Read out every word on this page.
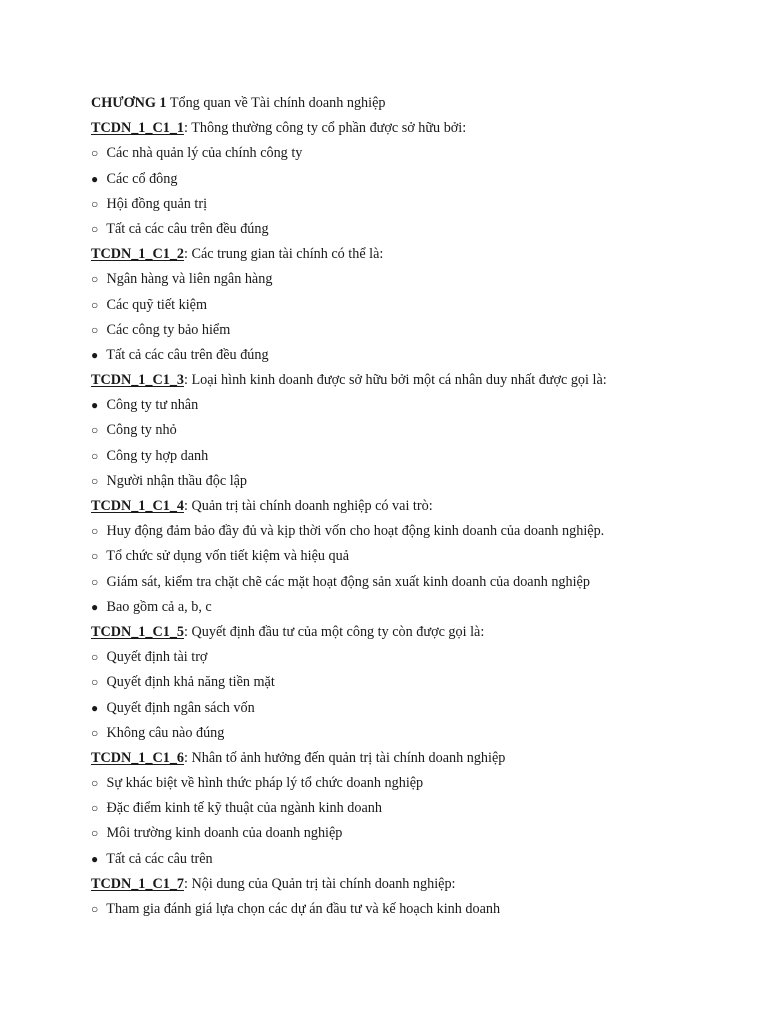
CHƯƠNG 1 Tổng quan về Tài chính doanh nghiệp
TCDN_1_C1_1: Thông thường công ty cổ phần được sở hữu bởi:
○ Các nhà quản lý của chính công ty
● Các cổ đông
○ Hội đồng quản trị
○ Tất cả các câu trên đều đúng
TCDN_1_C1_2: Các trung gian tài chính có thể là:
○ Ngân hàng và liên ngân hàng
○ Các quỹ tiết kiệm
○ Các công ty bảo hiểm
● Tất cả các câu trên đều đúng
TCDN_1_C1_3: Loại hình kinh doanh được sở hữu bởi một cá nhân duy nhất được gọi là:
● Công ty tư nhân
○ Công ty nhỏ
○ Công ty hợp danh
○ Người nhận thầu độc lập
TCDN_1_C1_4: Quản trị tài chính doanh nghiệp có vai trò:
○ Huy động đảm bảo đầy đủ và kịp thời vốn cho hoạt động kinh doanh của doanh nghiệp.
○ Tổ chức sử dụng vốn tiết kiệm và hiệu quả
○ Giám sát, kiểm tra chặt chẽ các mặt hoạt động sản xuất kinh doanh của doanh nghiệp
● Bao gồm cả a, b, c
TCDN_1_C1_5: Quyết định đầu tư của một công ty còn được gọi là:
○ Quyết định tài trợ
○ Quyết định khả năng tiền mặt
● Quyết định ngân sách vốn
○ Không câu nào đúng
TCDN_1_C1_6: Nhân tố ảnh hưởng đến quản trị tài chính doanh nghiệp
○ Sự khác biệt về hình thức pháp lý tổ chức doanh nghiệp
○ Đặc điểm kinh tế kỹ thuật của ngành kinh doanh
○ Môi trường kinh doanh của doanh nghiệp
● Tất cả các câu trên
TCDN_1_C1_7: Nội dung của Quản trị tài chính doanh nghiệp:
○ Tham gia đánh giá lựa chọn các dự án đầu tư và kế hoạch kinh doanh
